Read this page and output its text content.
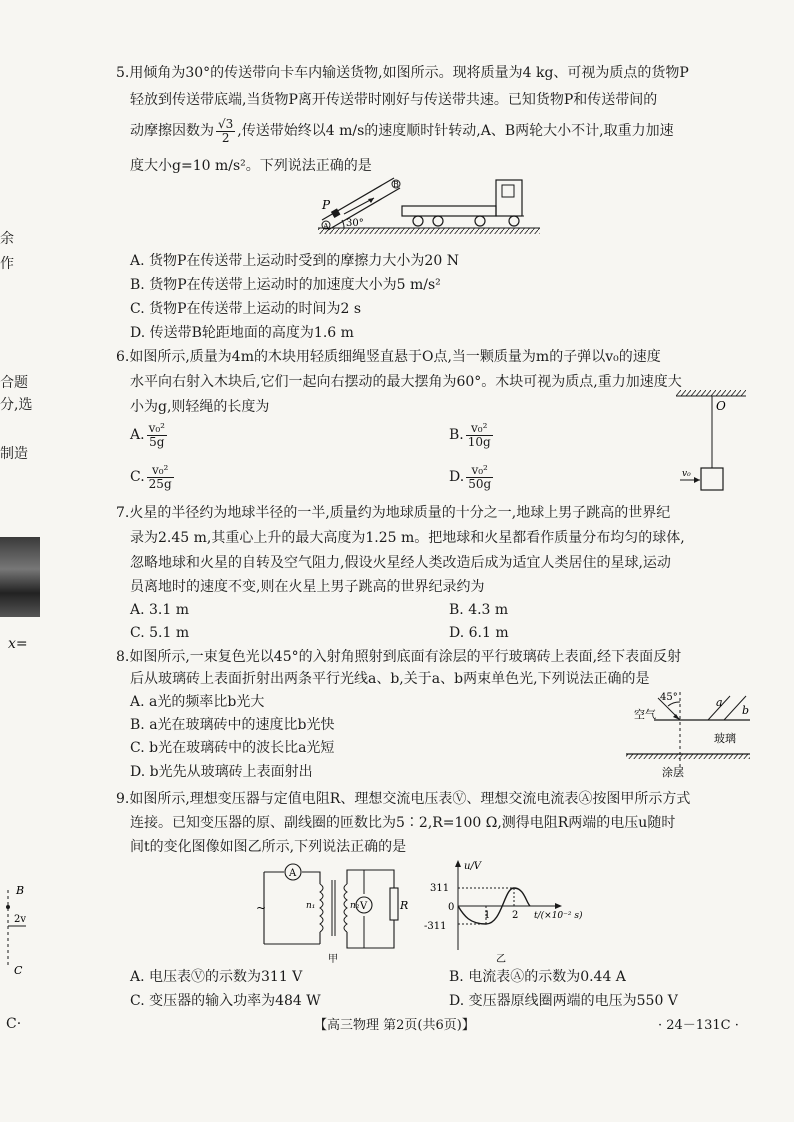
余
作
合题
分,选
制造
x=
C·
B
2v
C
5.用倾角为30°的传送带向卡车内输送货物,如图所示。现将质量为4 kg、可视为质点的货物P
轻放到传送带底端,当货物P离开传送带时刚好与传送带共速。已知货物P和传送带间的
动摩擦因数为 $\frac{√3}{2}$ ,传送带始终以4 m/s的速度顺时针转动,A、B两轮大小不计,取重力加速
度大小g=10 m/s²。下列说法正确的是
P
A
B
30°
A. 货物P在传送带上运动时受到的摩擦力大小为20 N
B. 货物P在传送带上运动时的加速度大小为5 m/s²
C. 货物P在传送带上运动的时间为2 s
D. 传送带B轮距地面的高度为1.6 m
6.如图所示,质量为4m的木块用轻质细绳竖直悬于O点,当一颗质量为m的子弹以v₀的速度
水平向右射入木块后,它们一起向右摆动的最大摆角为60°。木块可视为质点,重力加速度大
小为g,则轻绳的长度为
A. $\frac{\text{v₀²}}{5g}$	B. $\frac{\text{v₀²}}{10g}$
C. $\frac{\text{v₀²}}{25g}$	D. $\frac{\text{v₀²}}{50g}$
O
v₀
7.火星的半径约为地球半径的一半,质量约为地球质量的十分之一,地球上男子跳高的世界纪
录为2.45 m,其重心上升的最大高度为1.25 m。把地球和火星都看作质量分布均匀的球体,
忽略地球和火星的自转及空气阻力,假设火星经人类改造后成为适宜人类居住的星球,运动
员离地时的速度不变,则在火星上男子跳高的世界纪录约为
A. 3.1 m	B. 4.3 m
C. 5.1 m	D. 6.1 m
8.如图所示,一束复色光以45°的入射角照射到底面有涂层的平行玻璃砖上表面,经下表面反射
后从玻璃砖上表面折射出两条平行光线a、b,关于a、b两束单色光,下列说法正确的是
A. a光的频率比b光大
B. a光在玻璃砖中的速度比b光快
C. b光在玻璃砖中的波长比a光短
D. b光先从玻璃砖上表面射出
45°	a
b
空气
玻璃
涂层
9.如图所示,理想变压器与定值电阻R、理想交流电压表Ⓥ、理想交流电流表Ⓐ按图甲所示方式
连接。已知变压器的原、副线圈的匝数比为5∶2,R=100 Ω,测得电阻R两端的电压u随时
间t的变化图像如图乙所示,下列说法正确的是
A
~	n₁	n₂ V	R
甲
u/V
311
-311
0
1 2 t/(×10⁻² s)
乙
A. 电压表Ⓥ的示数为311 V	B. 电流表Ⓐ的示数为0.44 A
C. 变压器的输入功率为484 W	D. 变压器原线圈两端的电压为550 V
【高三物理 第2页(共6页)】	· 24－131C ·
